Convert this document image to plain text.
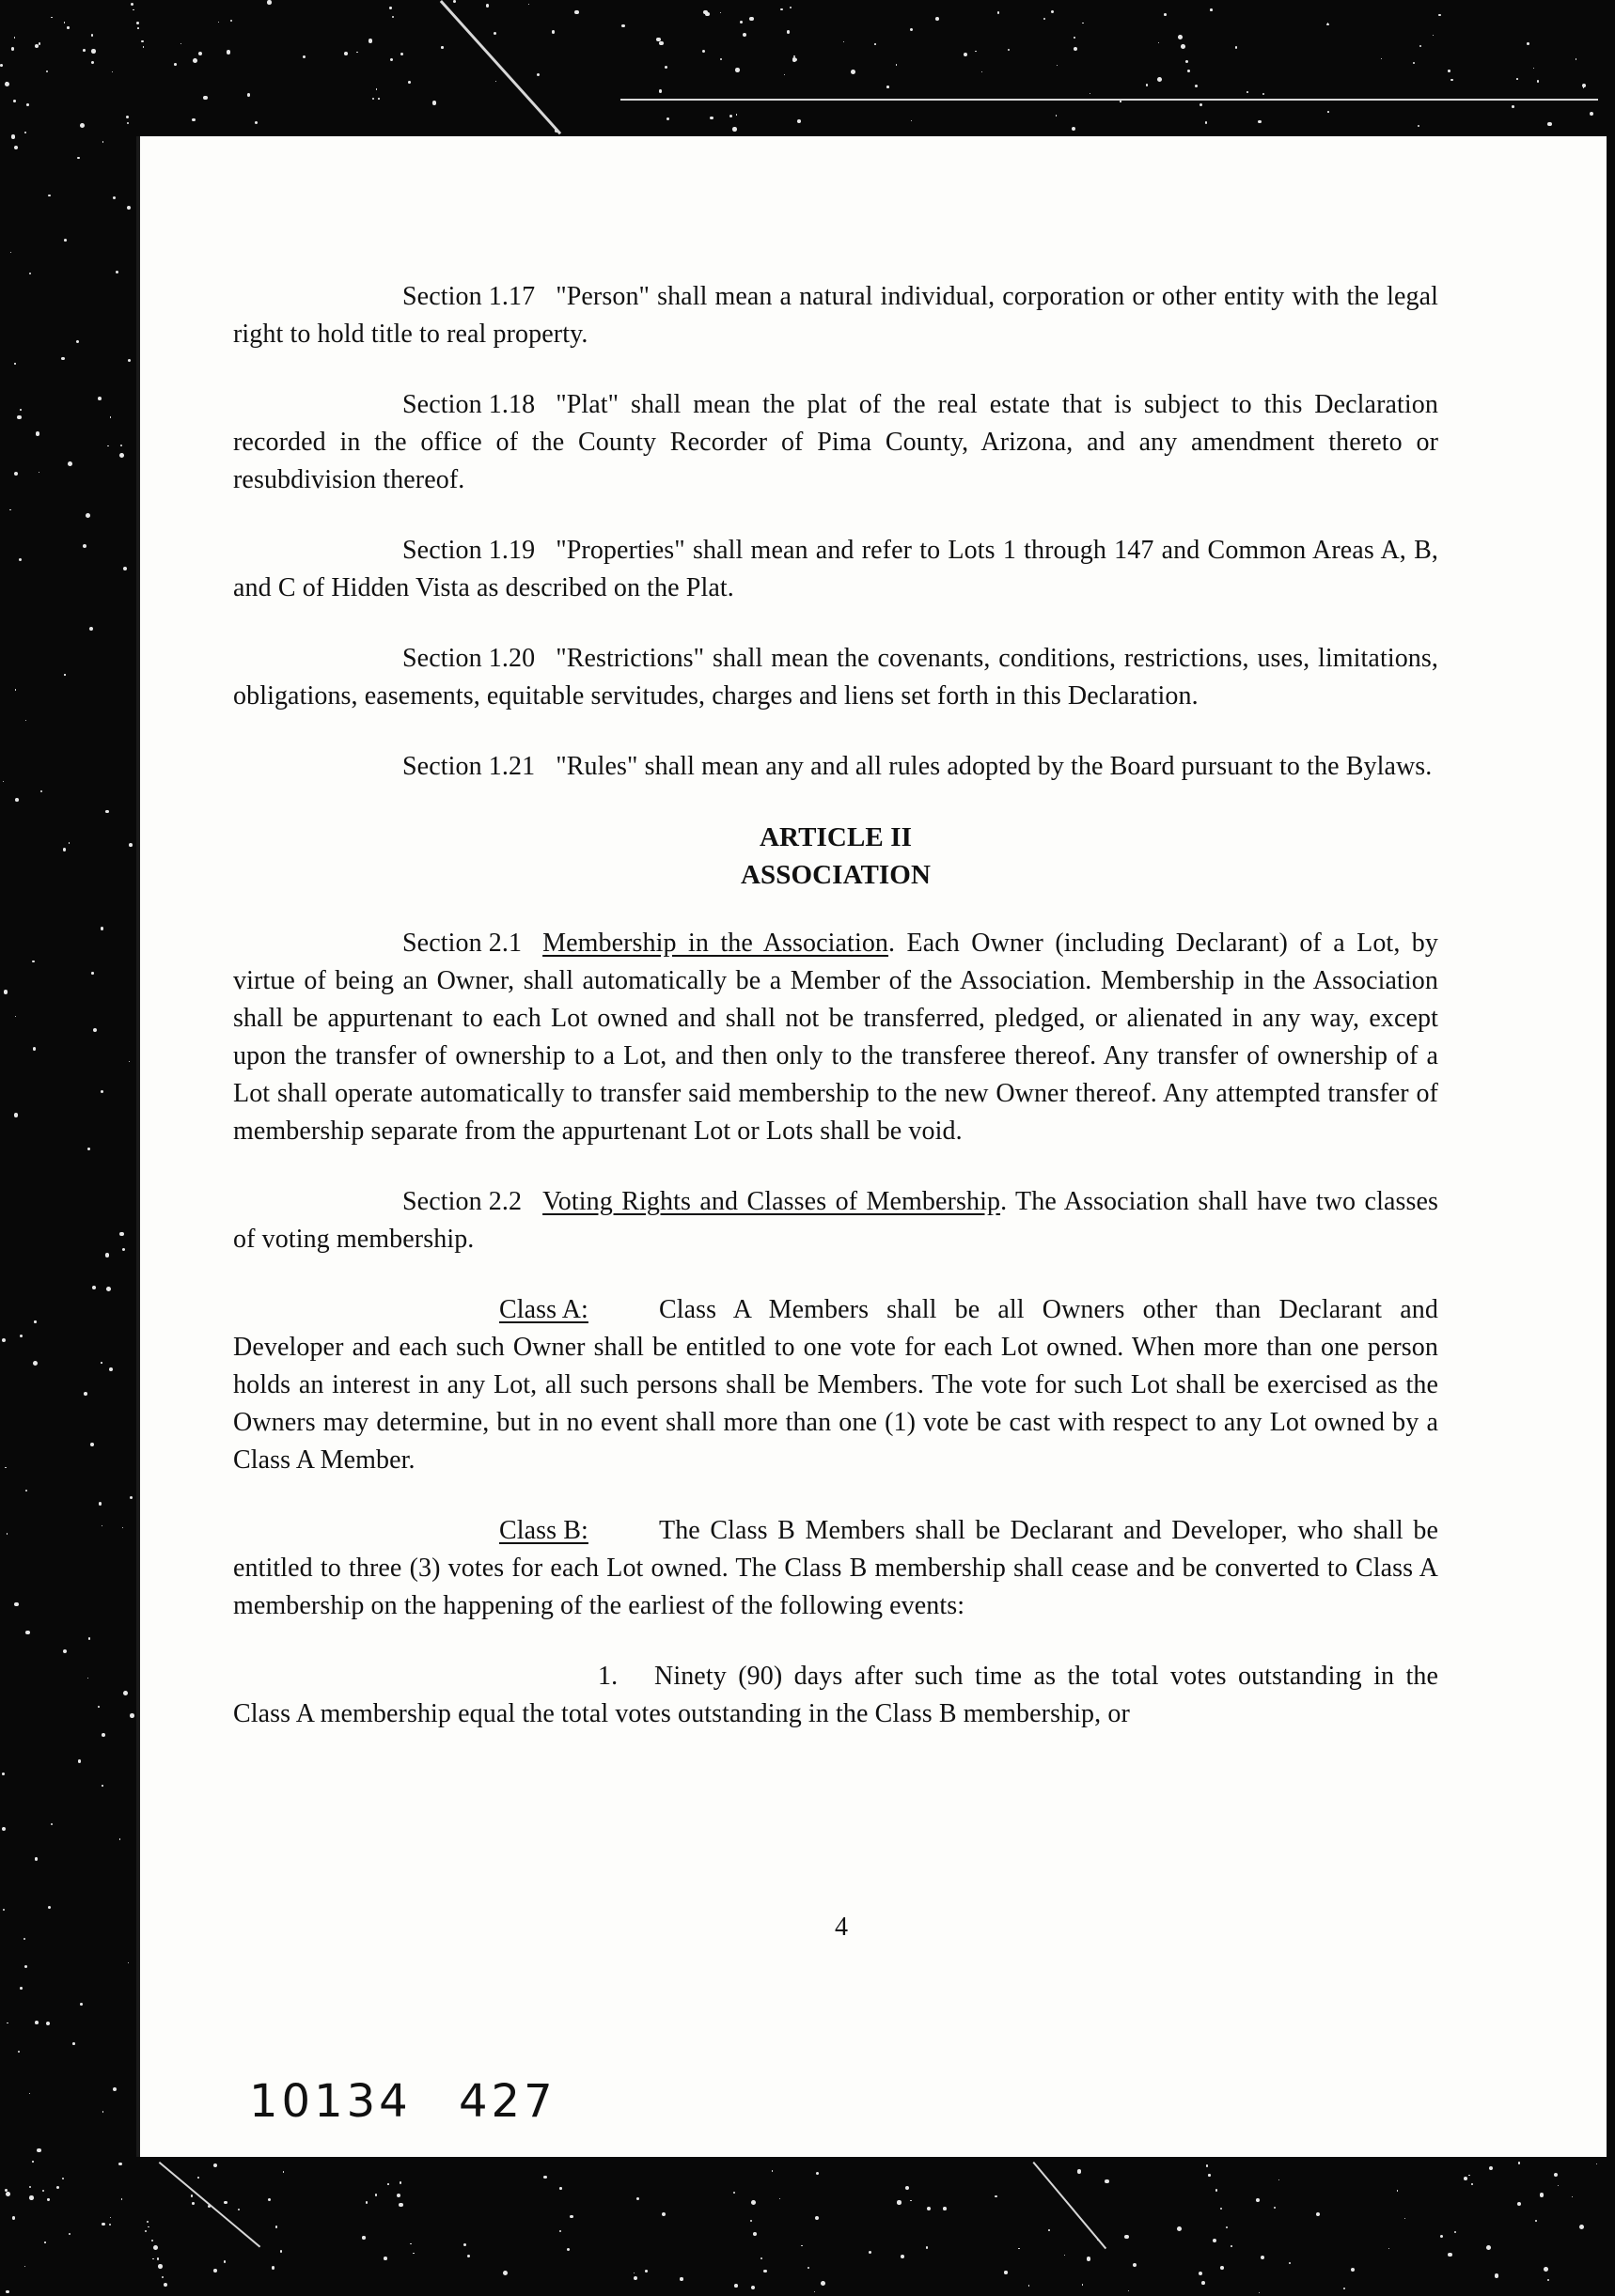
Section 1.17 "Person" shall mean a natural individual, corporation or other entity with the legal right to hold title to real property.

Section 1.18 "Plat" shall mean the plat of the real estate that is subject to this Declaration recorded in the office of the County Recorder of Pima County, Arizona, and any amendment thereto or resubdivision thereof.

Section 1.19 "Properties" shall mean and refer to Lots 1 through 147 and Common Areas A, B, and C of Hidden Vista as described on the Plat.

Section 1.20 "Restrictions" shall mean the covenants, conditions, restrictions, uses, limitations, obligations, easements, equitable servitudes, charges and liens set forth in this Declaration.

Section 1.21 "Rules" shall mean any and all rules adopted by the Board pursuant to the Bylaws.

ARTICLE II
ASSOCIATION

Section 2.1 Membership in the Association. Each Owner (including Declarant) of a Lot, by virtue of being an Owner, shall automatically be a Member of the Association. Membership in the Association shall be appurtenant to each Lot owned and shall not be transferred, pledged, or alienated in any way, except upon the transfer of ownership to a Lot, and then only to the transferee thereof. Any transfer of ownership of a Lot shall operate automatically to transfer said membership to the new Owner thereof. Any attempted transfer of membership separate from the appurtenant Lot or Lots shall be void.

Section 2.2 Voting Rights and Classes of Membership. The Association shall have two classes of voting membership.

Class A:	Class A Members shall be all Owners other than Declarant and Developer and each such Owner shall be entitled to one vote for each Lot owned. When more than one person holds an interest in any Lot, all such persons shall be Members. The vote for such Lot shall be exercised as the Owners may determine, but in no event shall more than one (1) vote be cast with respect to any Lot owned by a Class A Member.

Class B:	The Class B Members shall be Declarant and Developer, who shall be entitled to three (3) votes for each Lot owned. The Class B membership shall cease and be converted to Class A membership on the happening of the earliest of the following events:

1. Ninety (90) days after such time as the total votes outstanding in the Class A membership equal the total votes outstanding in the Class B membership, or

4
10134 427
